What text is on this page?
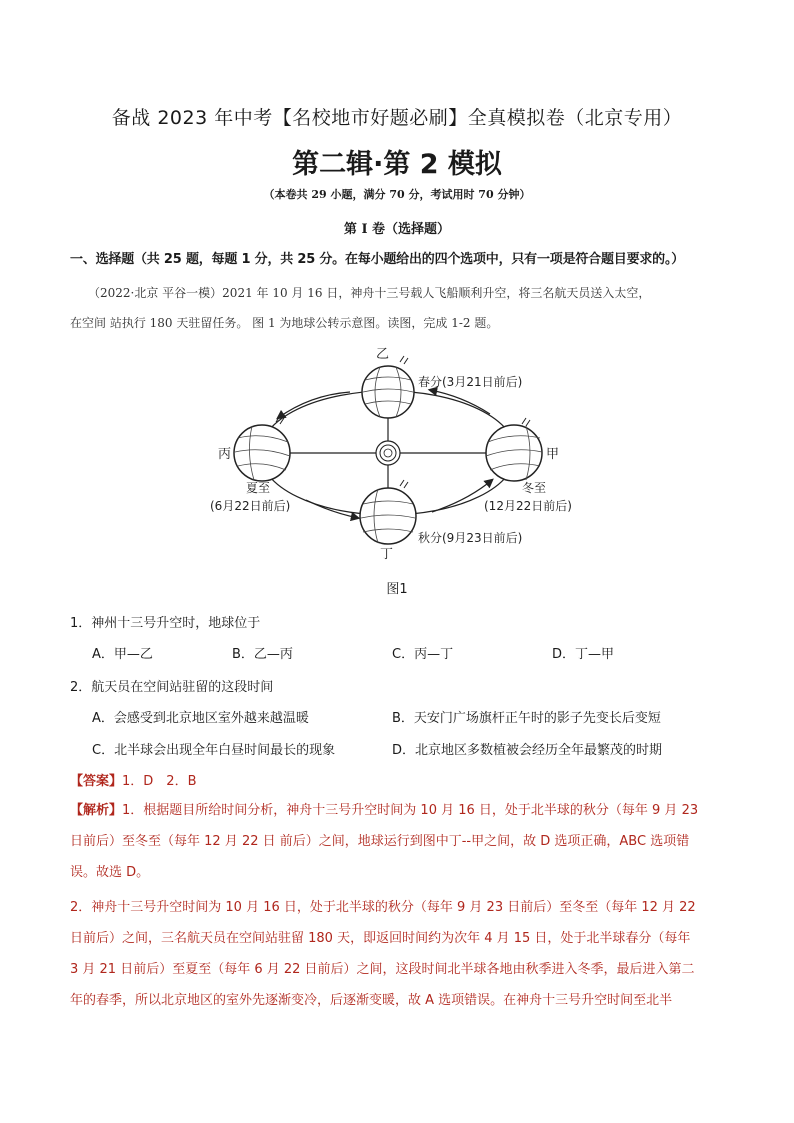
备战 2023 年中考【名校地市好题必刷】全真模拟卷（北京专用）
第二辑·第 2 模拟
（本卷共 29 小题，满分 70 分，考试用时 70 分钟）
第 I 卷（选择题）
一、选择题（共 25 题，每题 1 分，共 25 分。在每小题给出的四个选项中，只有一项是符合题目要求的。）
（2022·北京 平谷一模）2021 年 10 月 16 日，神舟十三号载人飞船顺利升空，将三名航天员送入太空，
在空间 站执行 180 天驻留任务。 图 1 为地球公转示意图。读图，完成 1-2 题。
乙
春分(3月21日前后)
丙
夏至
(6月22日前后)
甲
冬至
(12月22日前后)
丁
秋分(9月23日前后)
图1
1．神州十三号升空时，地球位于
A．甲—乙	B．乙—丙	C．丙—丁	D．丁—甲
2．航天员在空间站驻留的这段时间
A．会感受到北京地区室外越来越温暖	B．天安门广场旗杆正午时的影子先变长后变短
C．北半球会出现全年白昼时间最长的现象	D．北京地区多数植被会经历全年最繁茂的时期
【答案】1．D　2．B
【解析】1．根据题目所给时间分析，神舟十三号升空时间为 10 月 16 日，处于北半球的秋分（每年 9 月 23
日前后）至冬至（每年 12 月 22 日 前后）之间，地球运行到图中丁--甲之间，故 D 选项正确，ABC 选项错
误。故选 D。
2．神舟十三号升空时间为 10 月 16 日，处于北半球的秋分（每年 9 月 23 日前后）至冬至（每年 12 月 22
日前后）之间，三名航天员在空间站驻留 180 天，即返回时间约为次年 4 月 15 日，处于北半球春分（每年
3 月 21 日前后）至夏至（每年 6 月 22 日前后）之间，这段时间北半球各地由秋季进入冬季，最后进入第二
年的春季，所以北京地区的室外先逐渐变冷，后逐渐变暖，故 A 选项错误。在神舟十三号升空时间至北半
